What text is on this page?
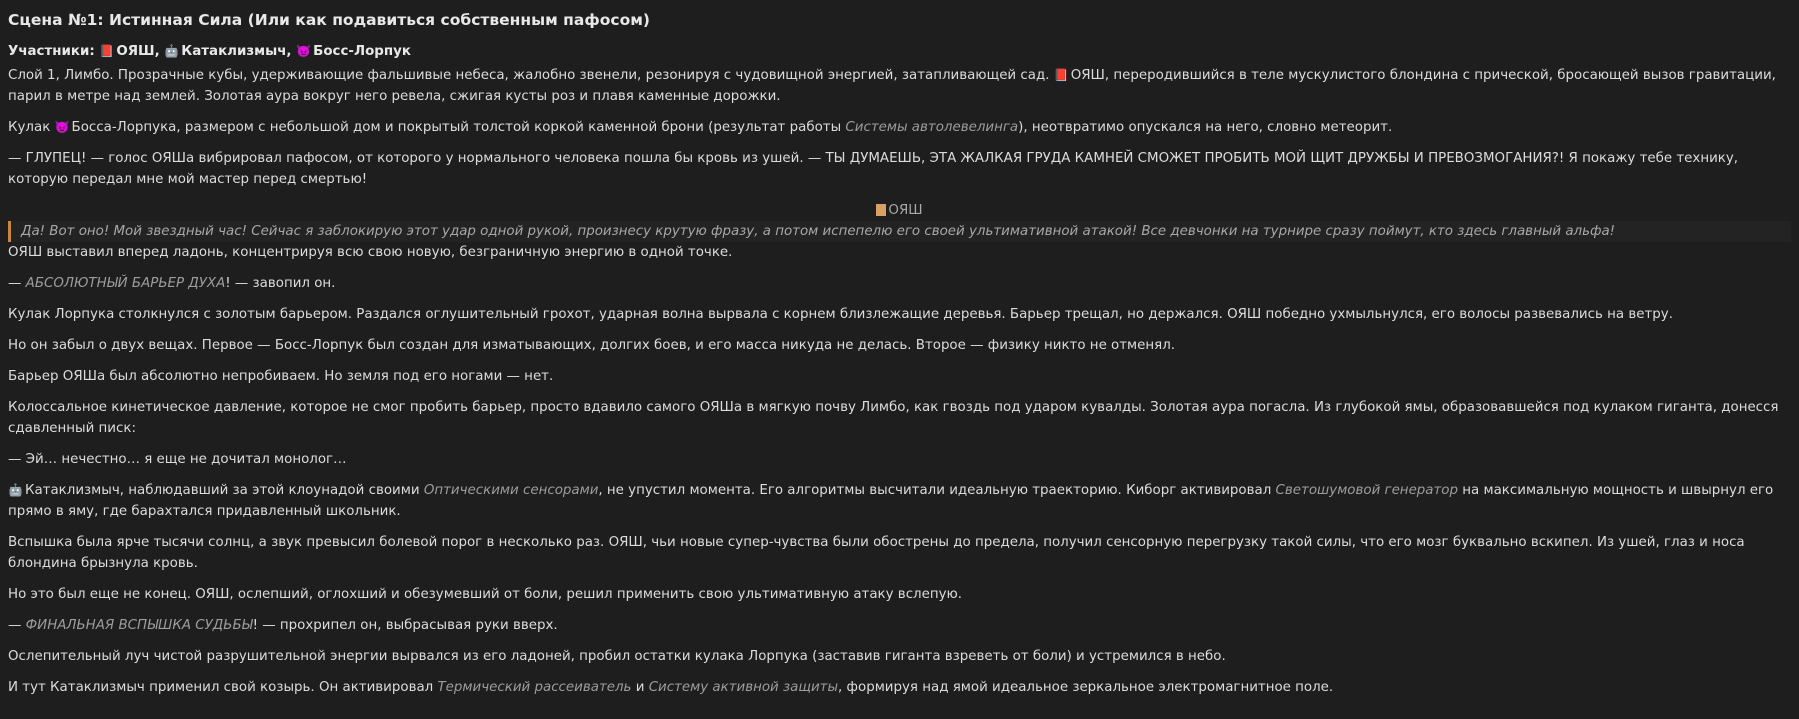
Сцена №1: Истинная Сила (Или как подавиться собственным пафосом)
Участники: 📕 ОЯШ, 🤖 Катаклизмыч, 👿 Босс-Лорпук

Слой 1, Лимбо. Прозрачные кубы, удерживающие фальшивые небеса, жалобно звенели, резонируя с чудовищной энергией, затапливающей сад. 📕 ОЯШ, переродившийся в теле мускулистого блондина с прической, бросающей вызов гравитации, парил в метре над землей. Золотая аура вокруг него ревела, сжигая кусты роз и плавя каменные дорожки.

Кулак 👿 Босса-Лорпука, размером с небольшой дом и покрытый толстой коркой каменной брони (результат работы Системы автолевелинга), неотвратимо опускался на него, словно метеорит.

— ГЛУПЕЦ! — голос ОЯШа вибрировал пафосом, от которого у нормального человека пошла бы кровь из ушей. — ТЫ ДУМАЕШЬ, ЭТА ЖАЛКАЯ ГРУДА КАМНЕЙ СМОЖЕТ ПРОБИТЬ МОЙ ЩИТ ДРУЖБЫ И ПРЕВОЗМОГАНИЯ?! Я покажу тебе технику, которую передал мне мой мастер перед смертью!

ОЯШ
Да! Вот оно! Мой звездный час! Сейчас я заблокирую этот удар одной рукой, произнесу крутую фразу, а потом испепелю его своей ультимативной атакой! Все девчонки на турнире сразу поймут, кто здесь главный альфа!

ОЯШ выставил вперед ладонь, концентрируя всю свою новую, безграничную энергию в одной точке.

— АБСОЛЮТНЫЙ БАРЬЕР ДУХА! — завопил он.

Кулак Лорпука столкнулся с золотым барьером. Раздался оглушительный грохот, ударная волна вырвала с корнем близлежащие деревья. Барьер трещал, но держался. ОЯШ победно ухмыльнулся, его волосы развевались на ветру.

Но он забыл о двух вещах. Первое — Босс-Лорпук был создан для изматывающих, долгих боев, и его масса никуда не делась. Второе — физику никто не отменял.

Барьер ОЯШа был абсолютно непробиваем. Но земля под его ногами — нет.

Колоссальное кинетическое давление, которое не смог пробить барьер, просто вдавило самого ОЯШа в мягкую почву Лимбо, как гвоздь под ударом кувалды. Золотая аура погасла. Из глубокой ямы, образовавшейся под кулаком гиганта, донесся сдавленный писк:

— Эй… нечестно… я еще не дочитал монолог…

🤖 Катаклизмыч, наблюдавший за этой клоунадой своими Оптическими сенсорами, не упустил момента. Его алгоритмы высчитали идеальную траекторию. Киборг активировал Светошумовой генератор на максимальную мощность и швырнул его прямо в яму, где барахтался придавленный школьник.

Вспышка была ярче тысячи солнц, а звук превысил болевой порог в несколько раз. ОЯШ, чьи новые супер-чувства были обострены до предела, получил сенсорную перегрузку такой силы, что его мозг буквально вскипел. Из ушей, глаз и носа блондина брызнула кровь.

Но это был еще не конец. ОЯШ, ослепший, оглохший и обезумевший от боли, решил применить свою ультимативную атаку вслепую.

— ФИНАЛЬНАЯ ВСПЫШКА СУДЬБЫ! — прохрипел он, выбрасывая руки вверх.

Ослепительный луч чистой разрушительной энергии вырвался из его ладоней, пробил остатки кулака Лорпука (заставив гиганта взреветь от боли) и устремился в небо.

И тут Катаклизмыч применил свой козырь. Он активировал Термический рассеиватель и Систему активной защиты, формируя над ямой идеальное зеркальное электромагнитное поле.
